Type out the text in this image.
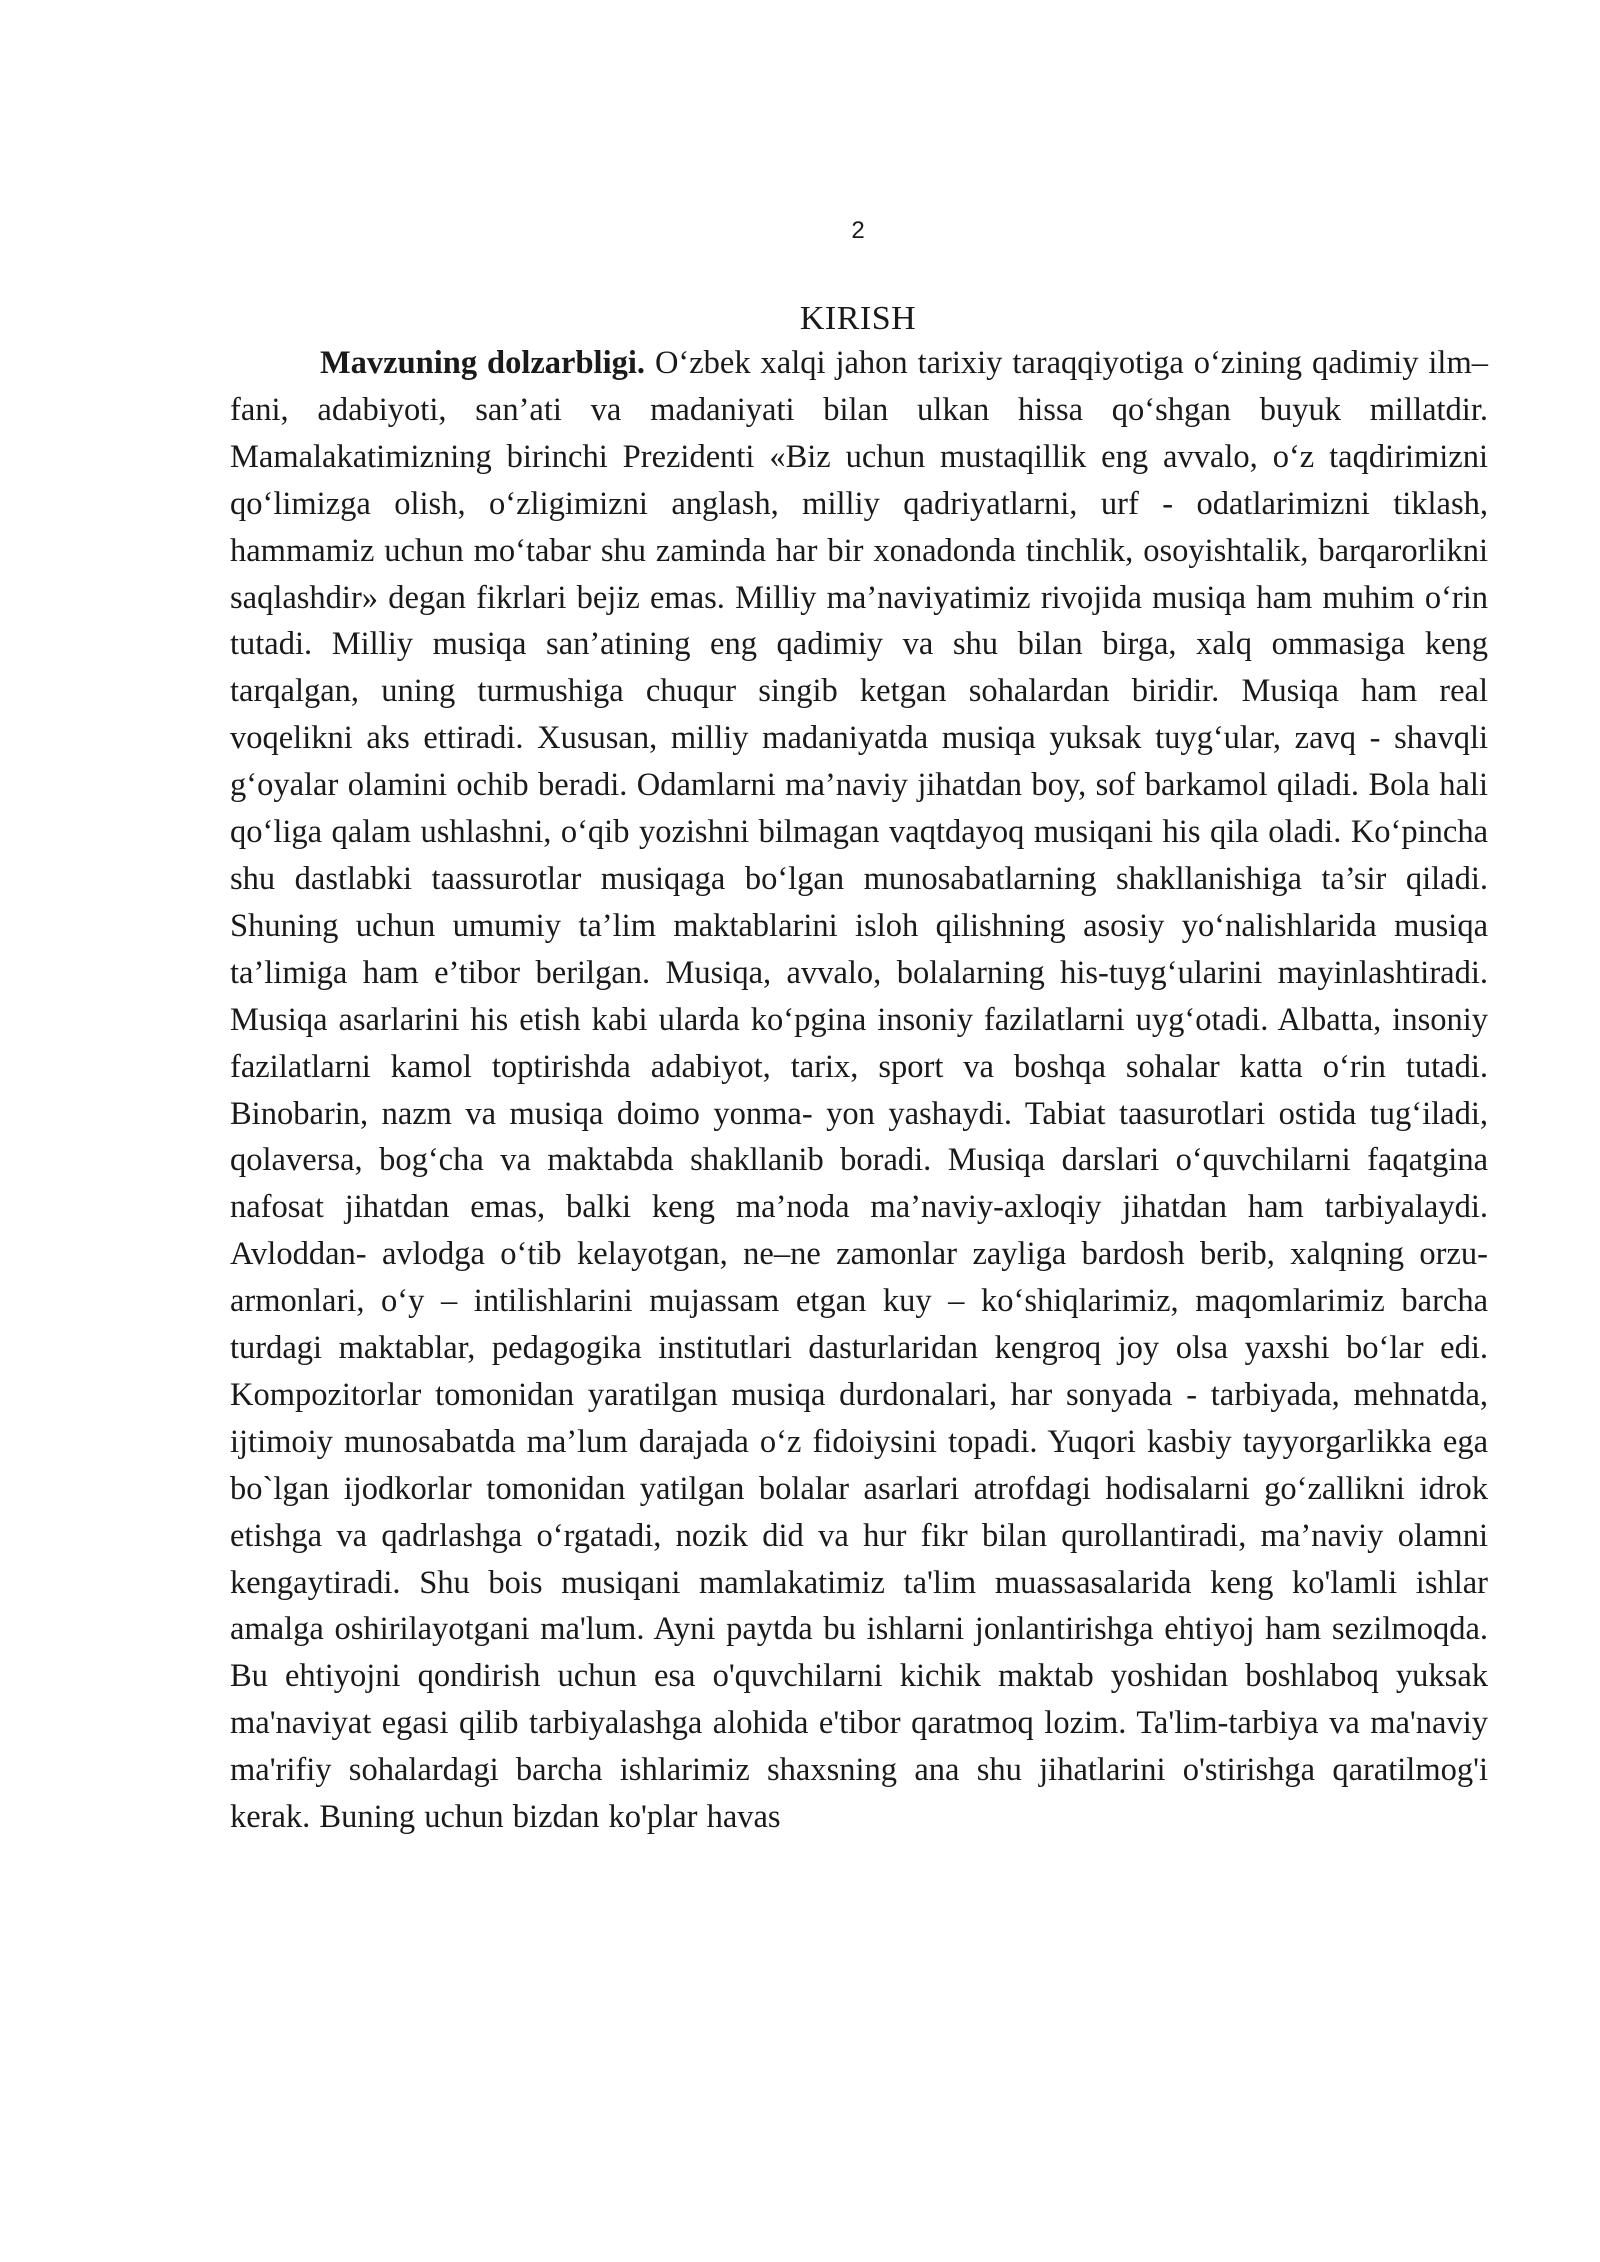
2
KIRISH

Mavzuning dolzarbligi. O‘zbek xalqi jahon tarixiy taraqqiyotiga o‘zining qadimiy ilm– fani, adabiyoti, san’ati va madaniyati bilan ulkan hissa qo‘shgan buyuk millatdir. Mamalakatimizning birinchi Prezidenti «Biz uchun mustaqillik eng avvalo, o‘z taqdirimizni qo‘limizga olish, o‘zligimizni anglash, milliy qadriyatlarni, urf - odatlarimizni tiklash, hammamiz uchun mo‘tabar shu zaminda har bir xonadonda tinchlik, osoyishtalik, barqarorlikni saqlashdir» degan fikrlari bejiz emas. Milliy ma’naviyatimiz rivojida musiqa ham muhim o‘rin tutadi. Milliy musiqa san’atining eng qadimiy va shu bilan birga, xalq ommasiga keng tarqalgan, uning turmushiga chuqur singib ketgan sohalardan biridir. Musiqa ham real voqelikni aks ettiradi. Xususan, milliy madaniyatda musiqa yuksak tuyg‘ular, zavq - shavqli g‘oyalar olamini ochib beradi. Odamlarni ma’naviy jihatdan boy, sof barkamol qiladi. Bola hali qo‘liga qalam ushlashni, o‘qib yozishni bilmagan vaqtdayoq musiqani his qila oladi. Ko‘pincha shu dastlabki taassurotlar musiqaga bo‘lgan munosabatlarning shakllanishiga ta’sir qiladi. Shuning uchun umumiy ta’lim maktablarini isloh qilishning asosiy yo‘nalishlarida musiqa ta’limiga ham e’tibor berilgan. Musiqa, avvalo, bolalarning his-tuyg‘ularini mayinlashtiradi. Musiqa asarlarini his etish kabi ularda ko‘pgina insoniy fazilatlarni uyg‘otadi. Albatta, insoniy fazilatlarni kamol toptirishda adabiyot, tarix, sport va boshqa sohalar katta o‘rin tutadi. Binobarin, nazm va musiqa doimo yonma- yon yashaydi. Tabiat taasurotlari ostida tug‘iladi, qolaversa, bog‘cha va maktabda shakllanib boradi. Musiqa darslari o‘quvchilarni faqatgina nafosat jihatdan emas, balki keng ma’noda ma’naviy-axloqiy jihatdan ham tarbiyalaydi. Avloddan- avlodga o‘tib kelayotgan, ne–ne zamonlar zayliga bardosh berib, xalqning orzu- armonlari, o‘y – intilishlarini mujassam etgan kuy – ko‘shiqlarimiz, maqomlarimiz barcha turdagi maktablar, pedagogika institutlari dasturlaridan kengroq joy olsa yaxshi bo‘lar edi. Kompozitorlar tomonidan yaratilgan musiqa durdonalari, har sonyada - tarbiyada, mehnatda, ijtimoiy munosabatda ma’lum darajada o‘z fidoiysini topadi. Yuqori kasbiy tayyorgarlikka ega bo`lgan ijodkorlar tomonidan yatilgan bolalar asarlari atrofdagi hodisalarni go‘zallikni idrok etishga va qadrlashga o‘rgatadi, nozik did va hur fikr bilan qurollantiradi, ma’naviy olamni kengaytiradi. Shu bois musiqani mamlakatimiz ta'lim muassasalarida keng ko'lamli ishlar amalga oshirilayotgani ma'lum. Ayni paytda bu ishlarni jonlantirishga ehtiyoj ham sezilmoqda. Bu ehtiyojni qondirish uchun esa o'quvchilarni kichik maktab yoshidan boshlaboq yuksak ma'naviyat egasi qilib tarbiyalashga alohida e'tibor qaratmoq lozim. Ta'lim-tarbiya va ma'naviy ma'rifiy sohalardagi barcha ishlarimiz shaxsning ana shu jihatlarini o'stirishga qaratilmog'i kerak. Buning uchun bizdan ko'plar havas
